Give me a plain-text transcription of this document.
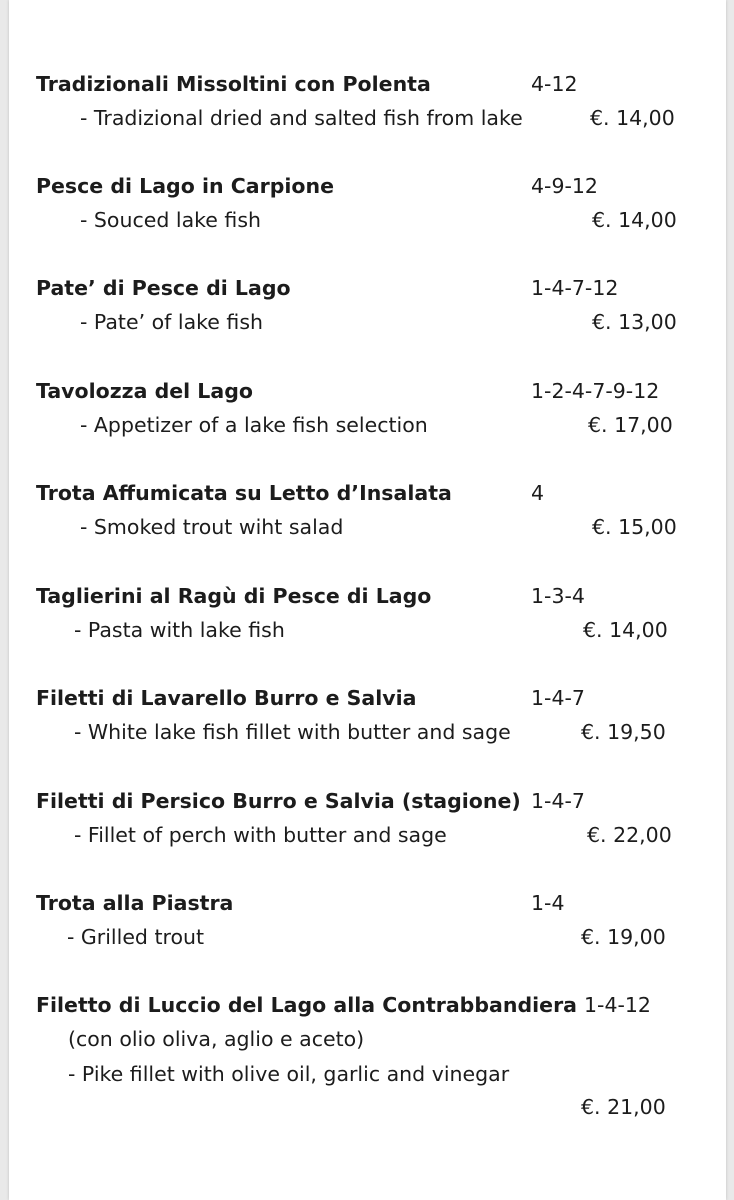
Tradizionali Missoltini con Polenta	4-12
- Tradizional dried and salted fish from lake	€. 14,00
Pesce di Lago in Carpione	4-9-12
- Souced lake fish	€. 14,00
Pate’ di Pesce di Lago	1-4-7-12
- Pate’ of lake fish	€. 13,00
Tavolozza del Lago	1-2-4-7-9-12
- Appetizer of a lake fish selection	€. 17,00
Trota Affumicata su Letto d’Insalata	4
- Smoked trout wiht salad	€. 15,00
Taglierini al Ragù di Pesce di Lago	1-3-4
- Pasta with lake fish	€. 14,00
Filetti di Lavarello Burro e Salvia	1-4-7
- White lake fish fillet with butter and sage	€. 19,50
Filetti di Persico Burro e Salvia (stagione) 1-4-7
- Fillet of perch with butter and sage	€. 22,00
Trota alla Piastra	1-4
- Grilled trout	€. 19,00
Filetto di Luccio del Lago alla Contrabbandiera 1-4-12
(con olio oliva, aglio e aceto)
- Pike fillet with olive oil, garlic and vinegar
€. 21,00
